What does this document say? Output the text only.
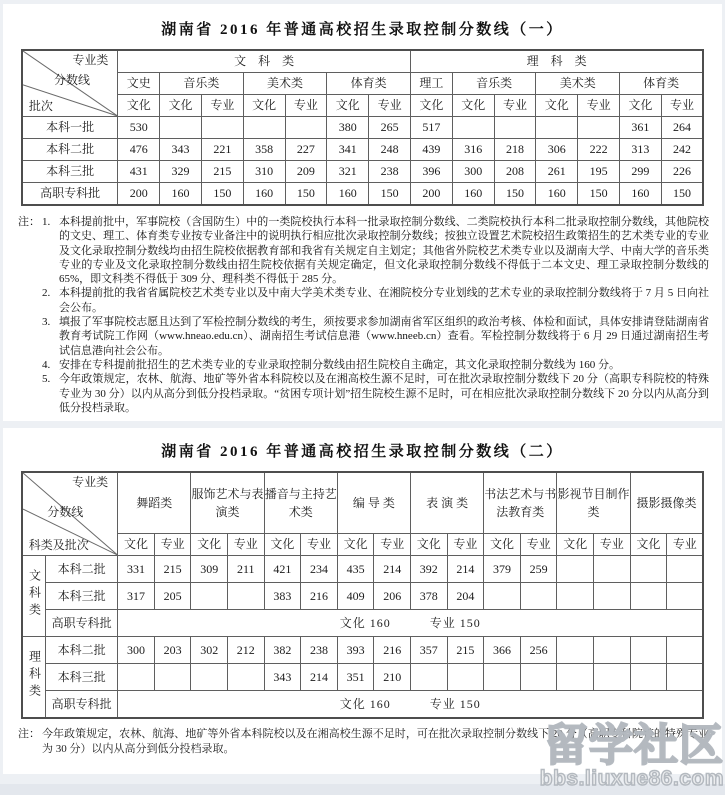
湖南省 2016 年普通高校招生录取控制分数线（一）
专业类
分数线
批次	文　科　类							理　科　类						
	文史	音乐类		美术类		体育类		理工	音乐类		美术类		体育类	
	文化	文化	专业	文化	专业	文化	专业	文化	文化	专业	文化	专业	文化	专业
本科一批	530					380	265	517					361	264
本科二批	476	343	221	358	227	341	248	439	316	218	306	222	313	242
本科三批	431	329	215	310	209	321	238	396	300	208	261	195	299	226
高职专科批	200	160	150	160	150	160	150	200	160	150	160	150	160	150
注： 1. 本科提前批中，军事院校（含国防生）中的一类院校执行本科一批录取控制分数线、二类院校执行本科二批录取控制分数线，其他院校的文史、理工、体育类专业按专业备注中的说明执行相应批次录取控制分数线；按独立设置艺术院校招生政策招生的艺术类专业的专业及文化录取控制分数线均由招生院校依据教育部和我省有关规定自主划定；其他省外院校艺术类专业以及湖南大学、中南大学的音乐类专业的专业及文化录取控制分数线由招生院校依据有关规定确定，但文化录取控制分数线不得低于二本文史、理工录取控制分数线的 65%，即文科类不得低于 309 分、理科类不得低于 285 分。
2. 本科提前批的我省省属院校艺术类专业以及中南大学美术类专业、在湘院校分专业划线的艺术专业的录取控制分数线将于 7 月 5 日向社会公布。
3. 填报了军事院校志愿且达到了军检控制分数线的考生，须按要求参加湖南省军区组织的政治考核、体检和面试，具体安排请登陆湖南省教育考试院工作网（www.hneao.edu.cn）、湖南招生考试信息港（www.hneeb.cn）查看。军检控制分数线将于 6 月 29 日通过湖南招生考试信息港向社会公布。
4. 安排在专科提前批招生的艺术类专业的专业录取控制分数线由招生院校自主确定，其文化录取控制分数线为 160 分。
5. 今年政策规定，农林、航海、地矿等外省本科院校以及在湘高校生源不足时，可在批次录取控制分数线下 20 分（高职专科院校的特殊专业为 30 分）以内从高分到低分投档录取。“贫困专项计划”招生院校生源不足时，可在相应批次录取控制分数线下 20 分以内从高分到低分投档录取。
湖南省 2016 年普通高校招生录取控制分数线（二）
专业类
分数线
科类及批次		舞蹈类		服饰艺术与表演类		播音与主持艺术类		编 导 类		表 演 类		书法艺术与书法教育类		影视节目制作类		摄影摄像类	
		文化	专业	文化	专业	文化	专业	文化	专业	文化	专业	文化	专业	文化	专业	文化	专业
文科类	本科二批	331	215	309	211	421	234	435	214	392	214	379	259				
	本科三批	317	205			383	216	409	206	378	204						
	高职专科批	文化 160　　　专业 150															
理科类	本科二批	300	203	302	212	382	238	393	216	357	215	366	256				
	本科三批					343	214	351	210								
	高职专科批	文化 160　　　专业 150															
注： 今年政策规定，农林、航海、地矿等外省本科院校以及在湘高校生源不足时，可在批次录取控制分数线下 20 分（高职专科院校的特殊专业为 30 分）以内从高分到低分投档录取。	留学社区
bbs.liuxue86.com
